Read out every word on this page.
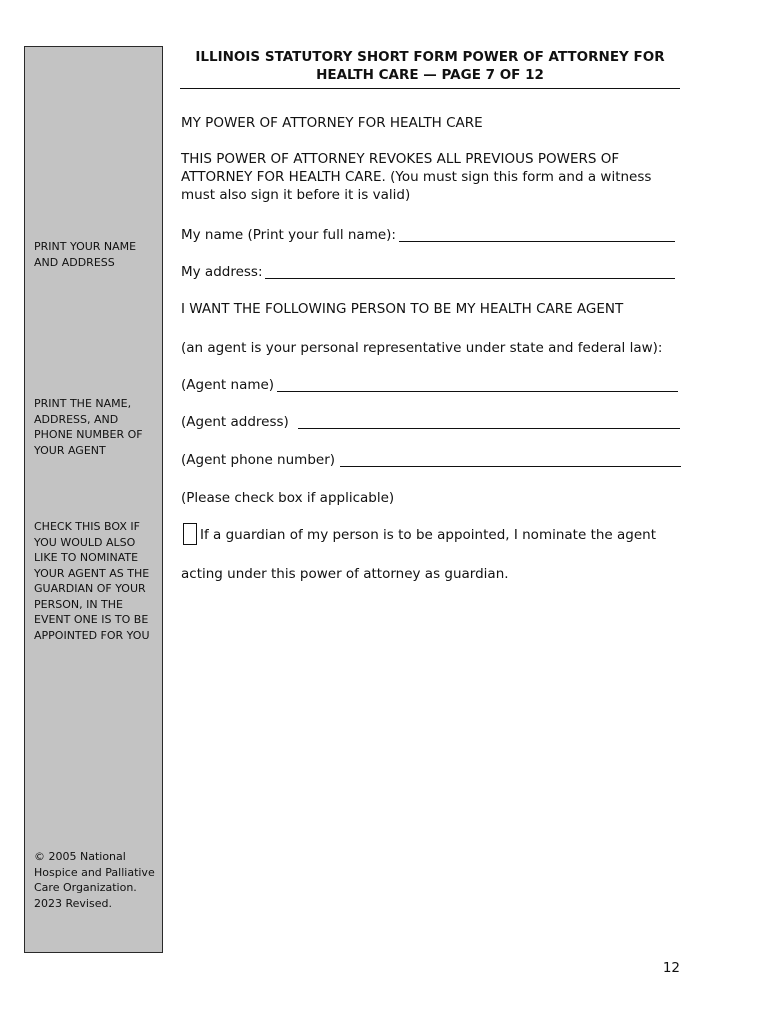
PRINT YOUR NAME AND ADDRESS
PRINT THE NAME, ADDRESS, AND PHONE NUMBER OF YOUR AGENT
CHECK THIS BOX IF YOU WOULD ALSO LIKE TO NOMINATE YOUR AGENT AS THE GUARDIAN OF YOUR PERSON, IN THE EVENT ONE IS TO BE APPOINTED FOR YOU
© 2005 National Hospice and Palliative Care Organization. 2023 Revised.
ILLINOIS STATUTORY SHORT FORM POWER OF ATTORNEY FOR HEALTH CARE — PAGE 7 OF 12
MY POWER OF ATTORNEY FOR HEALTH CARE
THIS POWER OF ATTORNEY REVOKES ALL PREVIOUS POWERS OF ATTORNEY FOR HEALTH CARE. (You must sign this form and a witness must also sign it before it is valid)
My name (Print your full name):
My address:
I WANT THE FOLLOWING PERSON TO BE MY HEALTH CARE AGENT
(an agent is your personal representative under state and federal law):
(Agent name)
(Agent address)
(Agent phone number)
(Please check box if applicable)
If a guardian of my person is to be appointed, I nominate the agent
acting under this power of attorney as guardian.
12
